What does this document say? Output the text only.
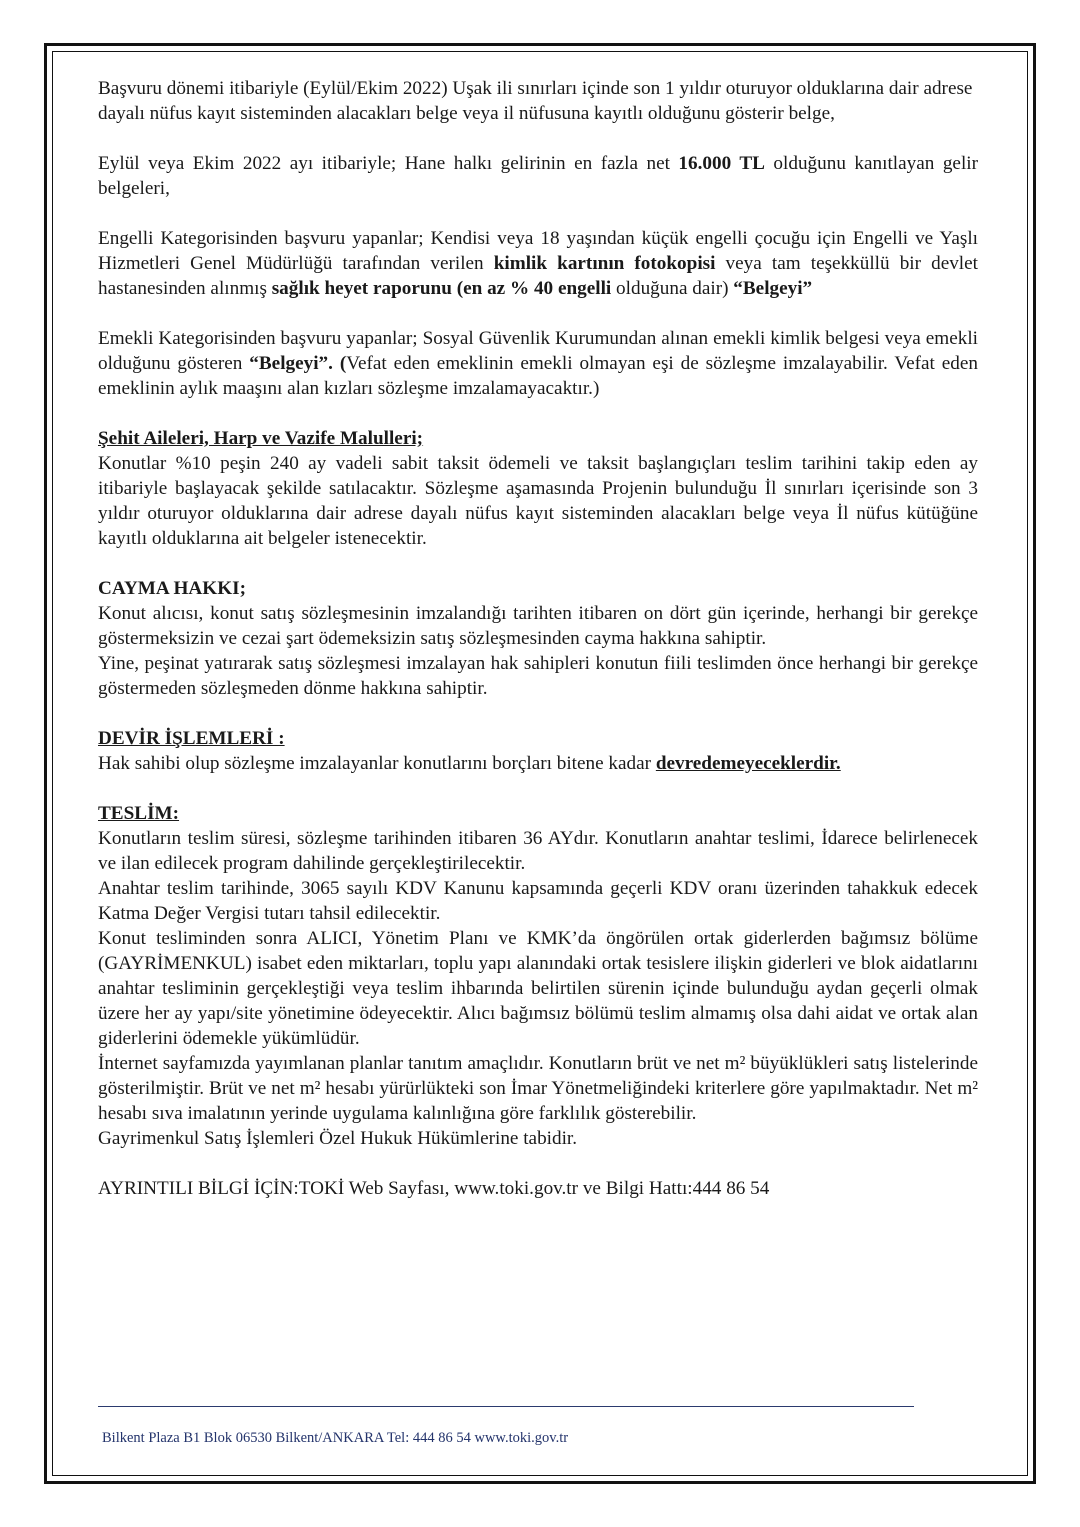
Başvuru dönemi itibariyle (Eylül/Ekim 2022) Uşak ili sınırları içinde son 1 yıldır oturuyor olduklarına dair adrese dayalı nüfus kayıt sisteminden alacakları belge veya il nüfusuna kayıtlı olduğunu gösterir belge,

Eylül veya Ekim 2022 ayı itibariyle; Hane halkı gelirinin en fazla net 16.000 TL olduğunu kanıtlayan gelir belgeleri,

Engelli Kategorisinden başvuru yapanlar; Kendisi veya 18 yaşından küçük engelli çocuğu için Engelli ve Yaşlı Hizmetleri Genel Müdürlüğü tarafından verilen kimlik kartının fotokopisi veya tam teşekküllü bir devlet hastanesinden alınmış sağlık heyet raporunu (en az % 40 engelli olduğuna dair) “Belgeyi”

Emekli Kategorisinden başvuru yapanlar; Sosyal Güvenlik Kurumundan alınan emekli kimlik belgesi veya emekli olduğunu gösteren “Belgeyi”. (Vefat eden emeklinin emekli olmayan eşi de sözleşme imzalayabilir. Vefat eden emeklinin aylık maaşını alan kızları sözleşme imzalamayacaktır.)

Şehit Aileleri, Harp ve Vazife Malulleri;

Konutlar %10 peşin 240 ay vadeli sabit taksit ödemeli ve taksit başlangıçları teslim tarihini takip eden ay itibariyle başlayacak şekilde satılacaktır. Sözleşme aşamasında Projenin bulunduğu İl sınırları içerisinde son 3 yıldır oturuyor olduklarına dair adrese dayalı nüfus kayıt sisteminden alacakları belge veya İl nüfus kütüğüne kayıtlı olduklarına ait belgeler istenecektir.

CAYMA HAKKI;

Konut alıcısı, konut satış sözleşmesinin imzalandığı tarihten itibaren on dört gün içerinde, herhangi bir gerekçe göstermeksizin ve cezai şart ödemeksizin satış sözleşmesinden cayma hakkına sahiptir.

Yine, peşinat yatırarak satış sözleşmesi imzalayan hak sahipleri konutun fiili teslimden önce herhangi bir gerekçe göstermeden sözleşmeden dönme hakkına sahiptir.

DEVİR İŞLEMLERİ :

Hak sahibi olup sözleşme imzalayanlar konutlarını borçları bitene kadar devredemeyeceklerdir.

TESLİM:

Konutların teslim süresi, sözleşme tarihinden itibaren 36 AYdır. Konutların anahtar teslimi, İdarece belirlenecek ve ilan edilecek program dahilinde gerçekleştirilecektir.

Anahtar teslim tarihinde, 3065 sayılı KDV Kanunu kapsamında geçerli KDV oranı üzerinden tahakkuk edecek Katma Değer Vergisi tutarı tahsil edilecektir.

Konut tesliminden sonra ALICI, Yönetim Planı ve KMK’da öngörülen ortak giderlerden bağımsız bölüme (GAYRİMENKUL) isabet eden miktarları, toplu yapı alanındaki ortak tesislere ilişkin giderleri ve blok aidatlarını anahtar tesliminin gerçekleştiği veya teslim ihbarında belirtilen sürenin içinde bulunduğu aydan geçerli olmak üzere her ay yapı/site yönetimine ödeyecektir. Alıcı bağımsız bölümü teslim almamış olsa dahi aidat ve ortak alan giderlerini ödemekle yükümlüdür.

İnternet sayfamızda yayımlanan planlar tanıtım amaçlıdır. Konutların brüt ve net m² büyüklükleri satış listelerinde gösterilmiştir. Brüt ve net m² hesabı yürürlükteki son İmar Yönetmeliğindeki kriterlere göre yapılmaktadır. Net m² hesabı sıva imalatının yerinde uygulama kalınlığına göre farklılık gösterebilir.

Gayrimenkul Satış İşlemleri Özel Hukuk Hükümlerine tabidir.

AYRINTILI BİLGİ İÇİN:TOKİ Web Sayfası, www.toki.gov.tr ve Bilgi Hattı:444 86 54

Bilkent Plaza B1 Blok 06530 Bilkent/ANKARA Tel: 444 86 54 www.toki.gov.tr
